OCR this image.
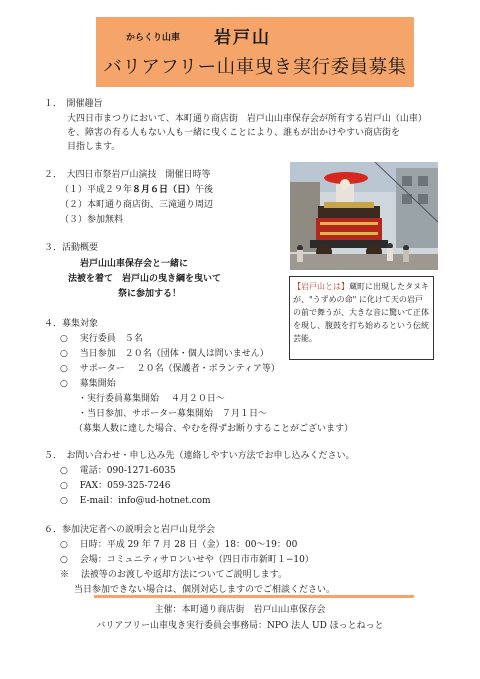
からくり山車 岩戸山
バリアフリー山車曳き実行委員募集
１．　開催趣旨
大四日市まつりにおいて、本町通り商店街　岩戸山山車保存会が所有する岩戸山（山車）
を、障害の有る人もない人も一緒に曳くことにより、誰もが出かけやすい商店街を
目指します。
２．　大四日市祭岩戸山演技　開催日時等
（１）平成２９年８月６日（日）午後
（２）本町通り商店街、三滝通り周辺
（３）参加無料
３．活動概要
岩戸山山車保存会と一緒に
法被を着て　岩戸山の曳き綱を曳いて
祭に参加する！
【岩戸山とは】蔵町に出現したタヌキが、"うずめの命" に化けて天の岩戸の前で舞うが、大きな音に驚いて正体を現し、腹鼓を打ち始めるという伝統芸能。
４．募集対象
○　 実行委員　５名
○　 当日参加　２０名（団体・個人は問いません）
○　 サポーター　 ２０名（保護者・ボランティア等）
○　 募集開始
・実行委員募集開始　 ４月２０日～
・当日参加、サポーター募集開始　７月１日～
（募集人数に達した場合、やむを得ずお断りすることがございます）
５．　お問い合わせ・申し込み先（連絡しやすい方法でお申し込みください。
○　 電話：090-1271-6035
○　 FAX：059-325-7246
○　 E-mail：info@ud-hotnet.com
６．参加決定者への説明会と岩戸山見学会
○　 日時：平成 29 年 7 月 28 日（金）18：00～19：00
○　 会場：コミュニティサロンいせや（四日市市新町１−10）
※　 法被等のお渡しや返却方法についてご説明します。
当日参加できない場合は、個別対応しますのでご相談ください。
主催：本町通り商店街　岩戸山山車保存会
バリアフリー山車曳き実行委員会事務局：NPO 法人 UD ほっとねっと
